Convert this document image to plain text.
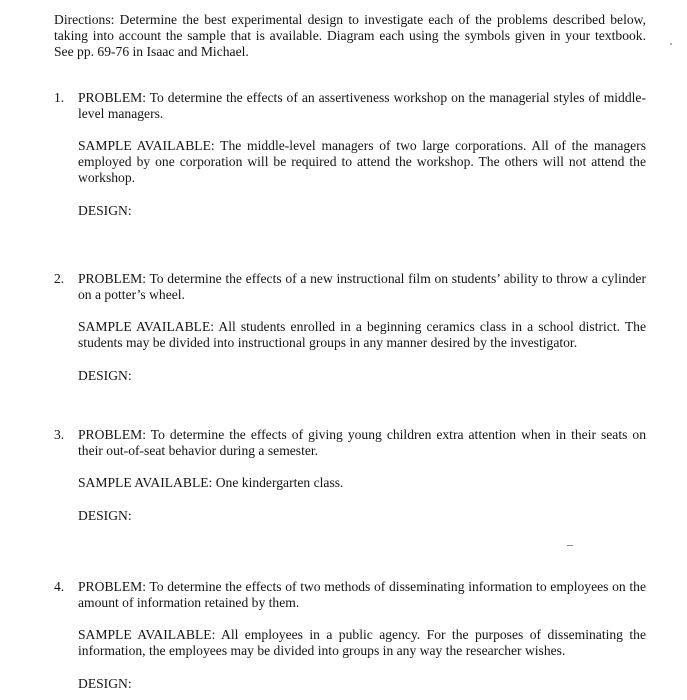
Directions: Determine the best experimental design to investigate each of the problems described below, taking into account the sample that is available. Diagram each using the symbols given in your textbook. See pp. 69-76 in Isaac and Michael.

1.	PROBLEM: To determine the effects of an assertiveness workshop on the managerial styles of middle-level managers.

SAMPLE AVAILABLE: The middle-level managers of two large corporations. All of the managers employed by one corporation will be required to attend the workshop. The others will not attend the workshop.

DESIGN:

2.	PROBLEM: To determine the effects of a new instructional film on students’ ability to throw a cylinder on a potter’s wheel.

SAMPLE AVAILABLE: All students enrolled in a beginning ceramics class in a school district. The students may be divided into instructional groups in any manner desired by the investigator.

DESIGN:

3.	PROBLEM: To determine the effects of giving young children extra attention when in their seats on their out-of-seat behavior during a semester.

SAMPLE AVAILABLE: One kindergarten class.

DESIGN:

4.	PROBLEM: To determine the effects of two methods of disseminating information to employees on the amount of information retained by them.

SAMPLE AVAILABLE: All employees in a public agency. For the purposes of disseminating the information, the employees may be divided into groups in any way the researcher wishes.

DESIGN:
